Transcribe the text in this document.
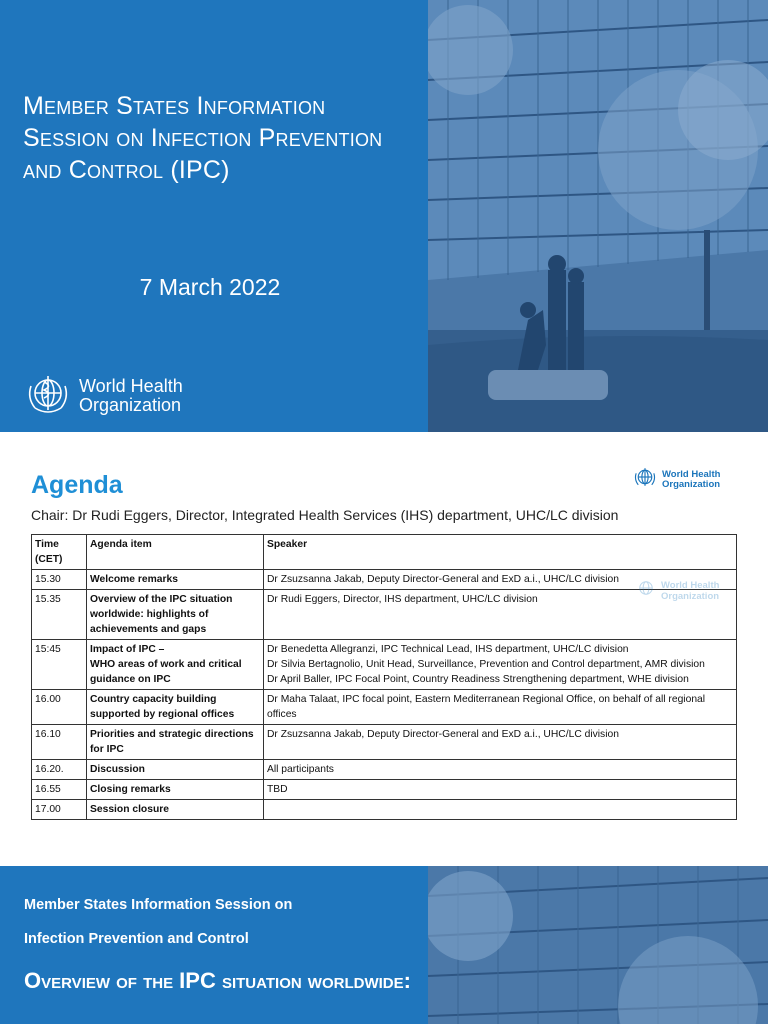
Member States Information Session on Infection Prevention and Control (IPC)
7 March 2022
World Health
Organization
Agenda	World Health
Organization
Chair: Dr Rudi Eggers, Director, Integrated Health Services (IHS) department, UHC/LC division
Time
(CET)	Agenda item	Speaker
15.30	Welcome remarks	Dr Zsuzsanna Jakab, Deputy Director-General and ExD a.i., UHC/LC division
15.35	Overview of the IPC situation worldwide: highlights of achievements and gaps	Dr Rudi Eggers, Director, IHS department, UHC/LC division
15:45	Impact of IPC –
WHO areas of work and critical guidance on IPC	Dr Benedetta Allegranzi, IPC Technical Lead, IHS department, UHC/LC division
Dr Silvia Bertagnolio, Unit Head, Surveillance, Prevention and Control department, AMR division
Dr April Baller, IPC Focal Point, Country Readiness Strengthening department, WHE division

16.00	Country capacity building supported by regional offices	Dr Maha Talaat, IPC focal point, Eastern Mediterranean Regional Office, on behalf of all regional offices
16.10	Priorities and strategic directions for IPC	Dr Zsuzsanna Jakab, Deputy Director-General and ExD a.i., UHC/LC division
16.20.	Discussion	All participants
16.55	Closing remarks	TBD
17.00	Session closure	
World Health
Organization
Member States Information Session on
Infection Prevention and Control
Overview of the IPC situation worldwide:
